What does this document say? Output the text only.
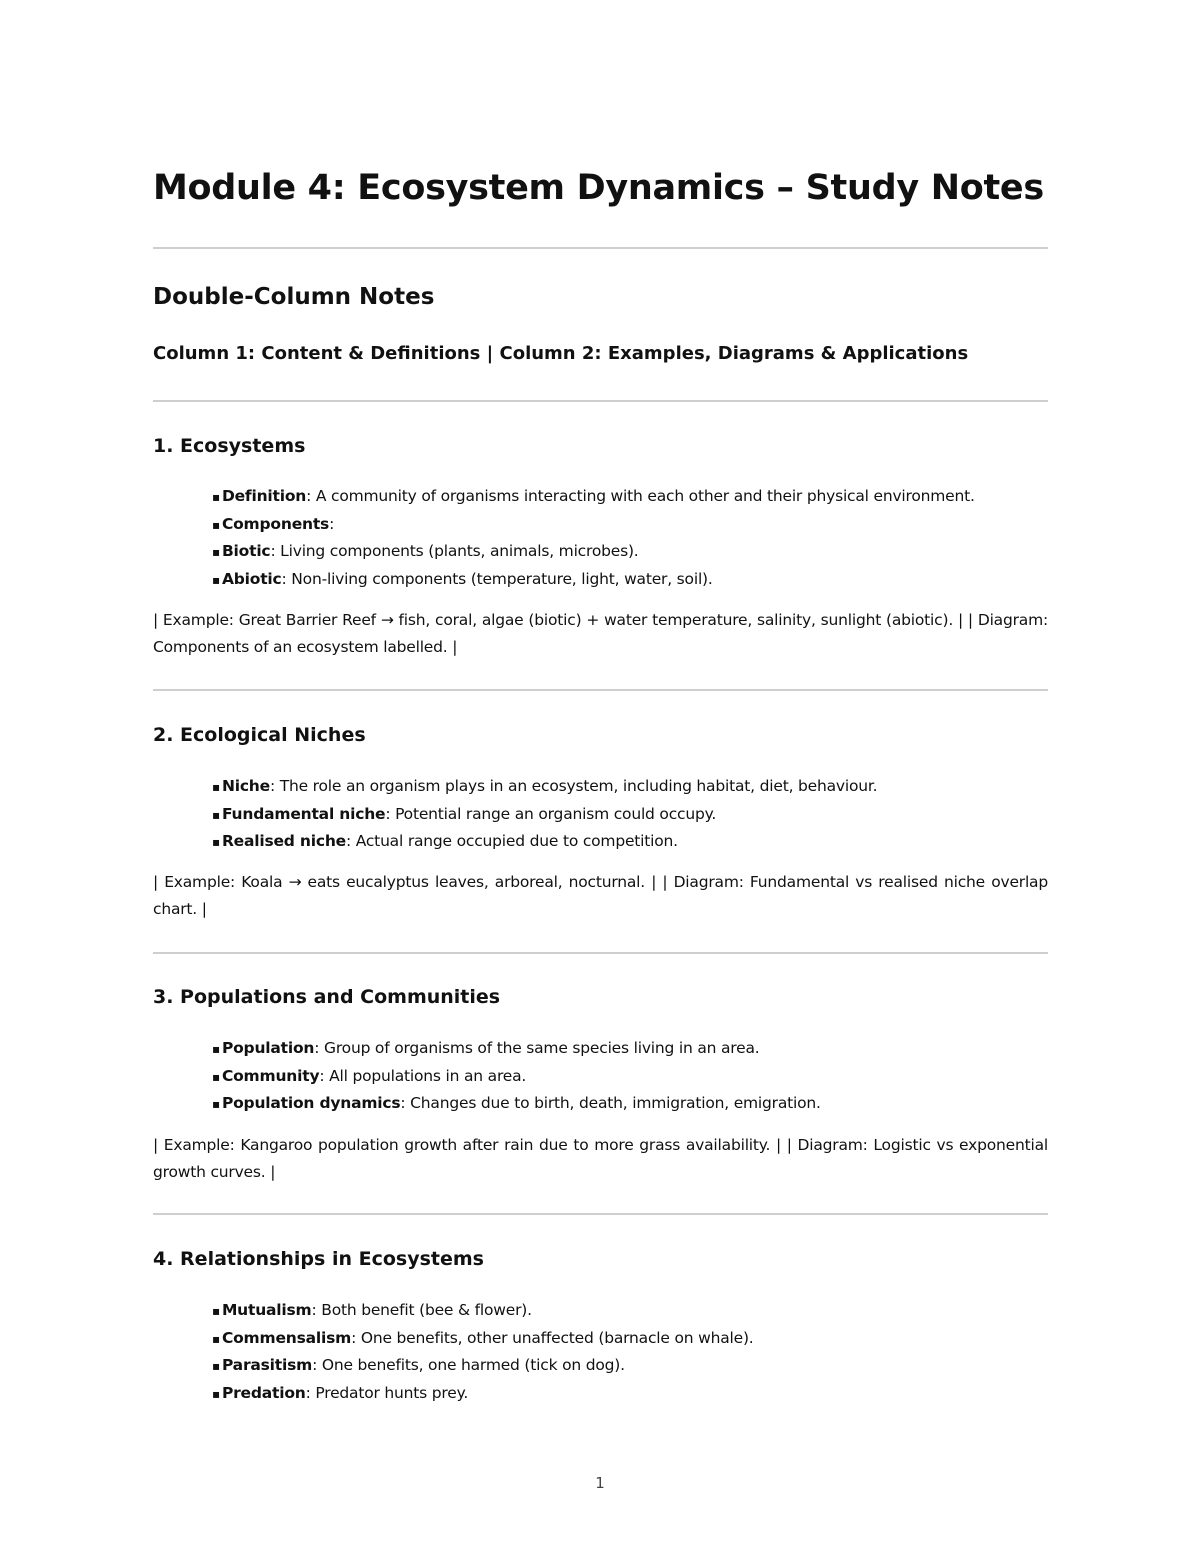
Module 4: Ecosystem Dynamics – Study Notes
Double-Column Notes
Column 1: Content & Definitions | Column 2: Examples, Diagrams & Applications
1. Ecosystems
▪ Definition: A community of organisms interacting with each other and their physical environment.
▪ Components:
▪ Biotic: Living components (plants, animals, microbes).
▪ Abiotic: Non-living components (temperature, light, water, soil).

| Example: Great Barrier Reef → fish, coral, algae (biotic) + water temperature, salinity, sunlight (abiotic). | | Diagram: Components of an ecosystem labelled. |

2. Ecological Niches
▪ Niche: The role an organism plays in an ecosystem, including habitat, diet, behaviour.
▪ Fundamental niche: Potential range an organism could occupy.
▪ Realised niche: Actual range occupied due to competition.

| Example: Koala → eats eucalyptus leaves, arboreal, nocturnal. | | Diagram: Fundamental vs realised niche overlap chart. |

3. Populations and Communities
▪ Population: Group of organisms of the same species living in an area.
▪ Community: All populations in an area.
▪ Population dynamics: Changes due to birth, death, immigration, emigration.

| Example: Kangaroo population growth after rain due to more grass availability. | | Diagram: Logistic vs exponential growth curves. |

4. Relationships in Ecosystems
▪ Mutualism: Both benefit (bee & flower).
▪ Commensalism: One benefits, other unaffected (barnacle on whale).
▪ Parasitism: One benefits, one harmed (tick on dog).
▪ Predation: Predator hunts prey.
1
